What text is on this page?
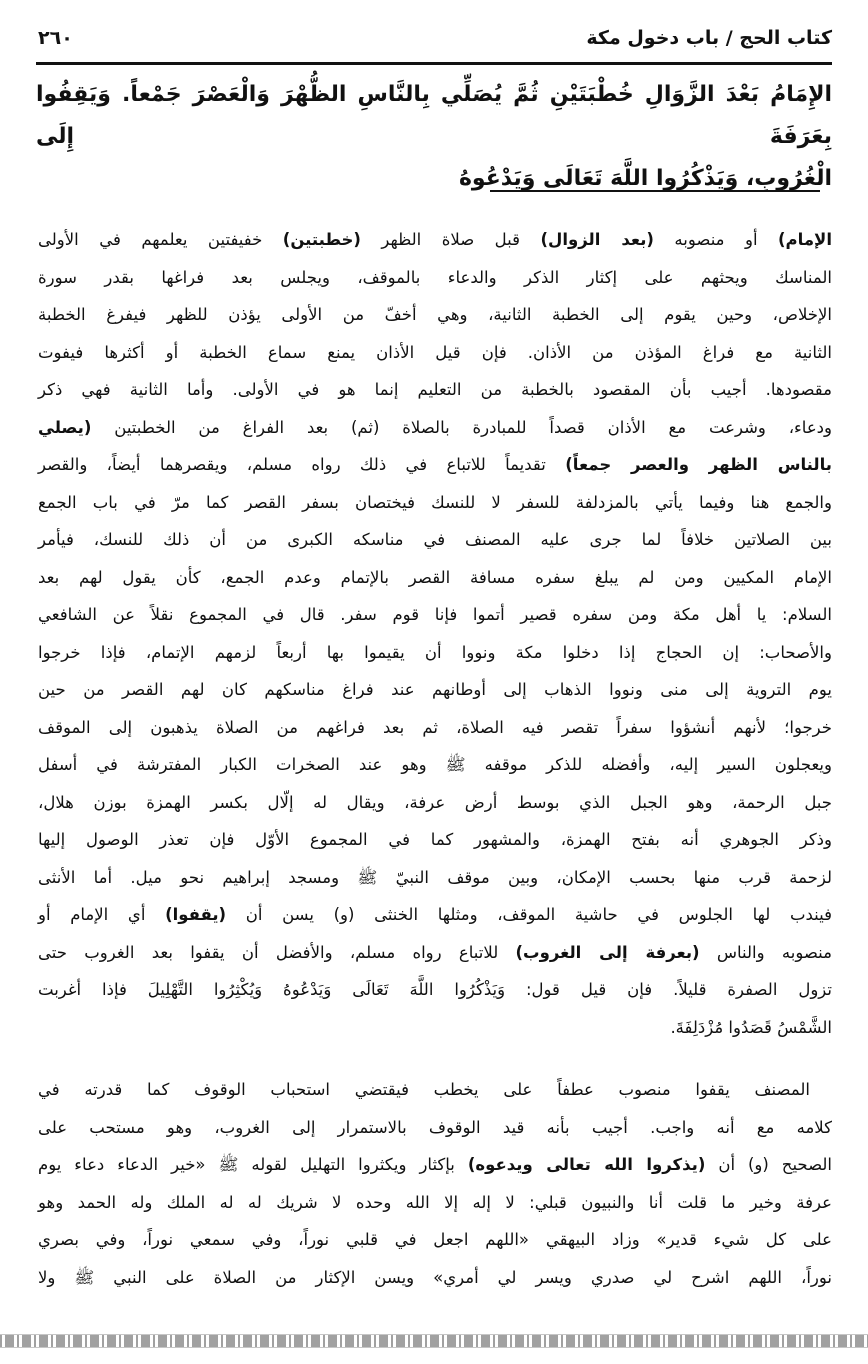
٢٦٠	كتاب الحج / باب دخول مكة
الإِمَامُ بَعْدَ الزَّوَالِ خُطْبَتَيْنِ ثُمَّ يُصَلِّي بِالنَّاسِ الظُّهْرَ وَالْعَصْرَ جَمْعاً. وَيَقِفُوا بِعَرَفَةَ إِلَى
الْغُرُوبِ، وَيَذْكُرُوا اللَّهَ تَعَالَى وَيَدْعُوهُ
الإمام) أو منصوبه (بعد الزوال) قبل صلاة الظهر (خطبتين) خفيفتين يعلمهم في الأولى
المناسك ويحثهم على إكثار الذكر والدعاء بالموقف، ويجلس بعد فراغها بقدر سورة
الإخلاص، وحين يقوم إلى الخطبة الثانية، وهي أخفّ من الأولى يؤذن للظهر فيفرغ الخطبة
الثانية مع فراغ المؤذن من الأذان. فإن قيل الأذان يمنع سماع الخطبة أو أكثرها فيفوت
مقصودها. أجيب بأن المقصود بالخطبة من التعليم إنما هو في الأولى. وأما الثانية فهي ذكر
ودعاء، وشرعت مع الأذان قصداً للمبادرة بالصلاة (ثم) بعد الفراغ من الخطبتين (يصلي
بالناس الظهر والعصر جمعاً) تقديماً للاتباع في ذلك رواه مسلم، ويقصرهما أيضاً، والقصر
والجمع هنا وفيما يأتي بالمزدلفة للسفر لا للنسك فيختصان بسفر القصر كما مرّ في باب الجمع
بين الصلاتين خلافاً لما جرى عليه المصنف في مناسكه الكبرى من أن ذلك للنسك، فيأمر
الإمام المكيين ومن لم يبلغ سفره مسافة القصر بالإتمام وعدم الجمع، كأن يقول لهم بعد
السلام: يا أهل مكة ومن سفره قصير أتموا فإنا قوم سفر. قال في المجموع نقلاً عن الشافعي
والأصحاب: إن الحجاج إذا دخلوا مكة ونووا أن يقيموا بها أربعاً لزمهم الإتمام، فإذا خرجوا
يوم التروية إلى منى ونووا الذهاب إلى أوطانهم عند فراغ مناسكهم كان لهم القصر من حين
خرجوا؛ لأنهم أنشؤوا سفراً تقصر فيه الصلاة، ثم بعد فراغهم من الصلاة يذهبون إلى الموقف
ويعجلون السير إليه، وأفضله للذكر موقفه ﷺ وهو عند الصخرات الكبار المفترشة في أسفل
جبل الرحمة، وهو الجبل الذي بوسط أرض عرفة، ويقال له إلّال بكسر الهمزة بوزن هلال،
وذكر الجوهري أنه بفتح الهمزة، والمشهور كما في المجموع الأوّل فإن تعذر الوصول إليها
لزحمة قرب منها بحسب الإمكان، وبين موقف النبيّ ﷺ ومسجد إبراهيم نحو ميل. أما الأنثى
فيندب لها الجلوس في حاشية الموقف، ومثلها الخنثى (و) يسن أن (يقفوا) أي الإمام أو
منصوبه والناس (بعرفة إلى الغروب) للاتباع رواه مسلم، والأفضل أن يقفوا بعد الغروب حتى
تزول الصفرة قليلاً. فإن قيل قول: وَيَذْكُرُوا اللَّهَ تَعَالَى وَيَدْعُوهُ وَيُكْثِرُوا التَّهْلِيلَ فإذا أغربت
الشَّمْسُ قَصَدُوا مُزْدَلِفَةَ.
المصنف يقفوا منصوب عطفاً على يخطب فيقتضي استحباب الوقوف كما قدرته في
كلامه مع أنه واجب. أجيب بأنه قيد الوقوف بالاستمرار إلى الغروب، وهو مستحب على
الصحيح (و) أن (يذكروا الله تعالى ويدعوه) بإكثار ويكثروا التهليل لقوله ﷺ «خير الدعاء دعاء يوم
عرفة وخير ما قلت أنا والنبيون قبلي: لا إله إلا الله وحده لا شريك له له الملك وله الحمد وهو
على كل شيء قدير» وزاد البيهقي «اللهم اجعل في قلبي نوراً، وفي سمعي نوراً، وفي بصري
نوراً، اللهم اشرح لي صدري ويسر لي أمري» ويسن الإكثار من الصلاة على النبي ﷺ ولا
